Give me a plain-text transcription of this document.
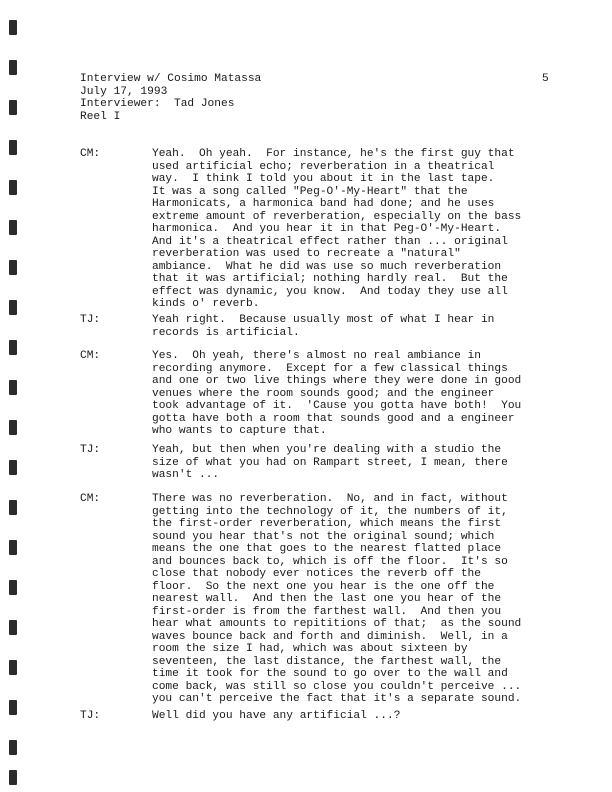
5
Interview w/ Cosimo Matassa
July 17, 1993
Interviewer:  Tad Jones
Reel I
CM:	Yeah.  Oh yeah.  For instance, he's the first guy that
used artificial echo; reverberation in a theatrical
way.  I think I told you about it in the last tape.
It was a song called "Peg-O'-My-Heart" that the
Harmonicats, a harmonica band had done; and he uses
extreme amount of reverberation, especially on the bass
harmonica.  And you hear it in that Peg-O'-My-Heart.
And it's a theatrical effect rather than ... original
reverberation was used to recreate a "natural"
ambiance.  What he did was use so much reverberation
that it was artificial; nothing hardly real.  But the
effect was dynamic, you know.  And today they use all
kinds o' reverb.
TJ:	Yeah right.  Because usually most of what I hear in
records is artificial.
CM:	Yes.  Oh yeah, there's almost no real ambiance in
recording anymore.  Except for a few classical things
and one or two live things where they were done in good
venues where the room sounds good; and the engineer
took advantage of it.  'Cause you gotta have both!  You
gotta have both a room that sounds good and a engineer
who wants to capture that.
TJ:	Yeah, but then when you're dealing with a studio the
size of what you had on Rampart street, I mean, there
wasn't ...
CM:	There was no reverberation.  No, and in fact, without
getting into the technology of it, the numbers of it,
the first-order reverberation, which means the first
sound you hear that's not the original sound; which
means the one that goes to the nearest flatted place
and bounces back to, which is off the floor.  It's so
close that nobody ever notices the reverb off the
floor.  So the next one you hear is the one off the
nearest wall.  And then the last one you hear of the
first-order is from the farthest wall.  And then you
hear what amounts to repititions of that;  as the sound
waves bounce back and forth and diminish.  Well, in a
room the size I had, which was about sixteen by
seventeen, the last distance, the farthest wall, the
time it took for the sound to go over to the wall and
come back, was still so close you couldn't perceive ...
you can't perceive the fact that it's a separate sound.
TJ:	Well did you have any artificial ...?
